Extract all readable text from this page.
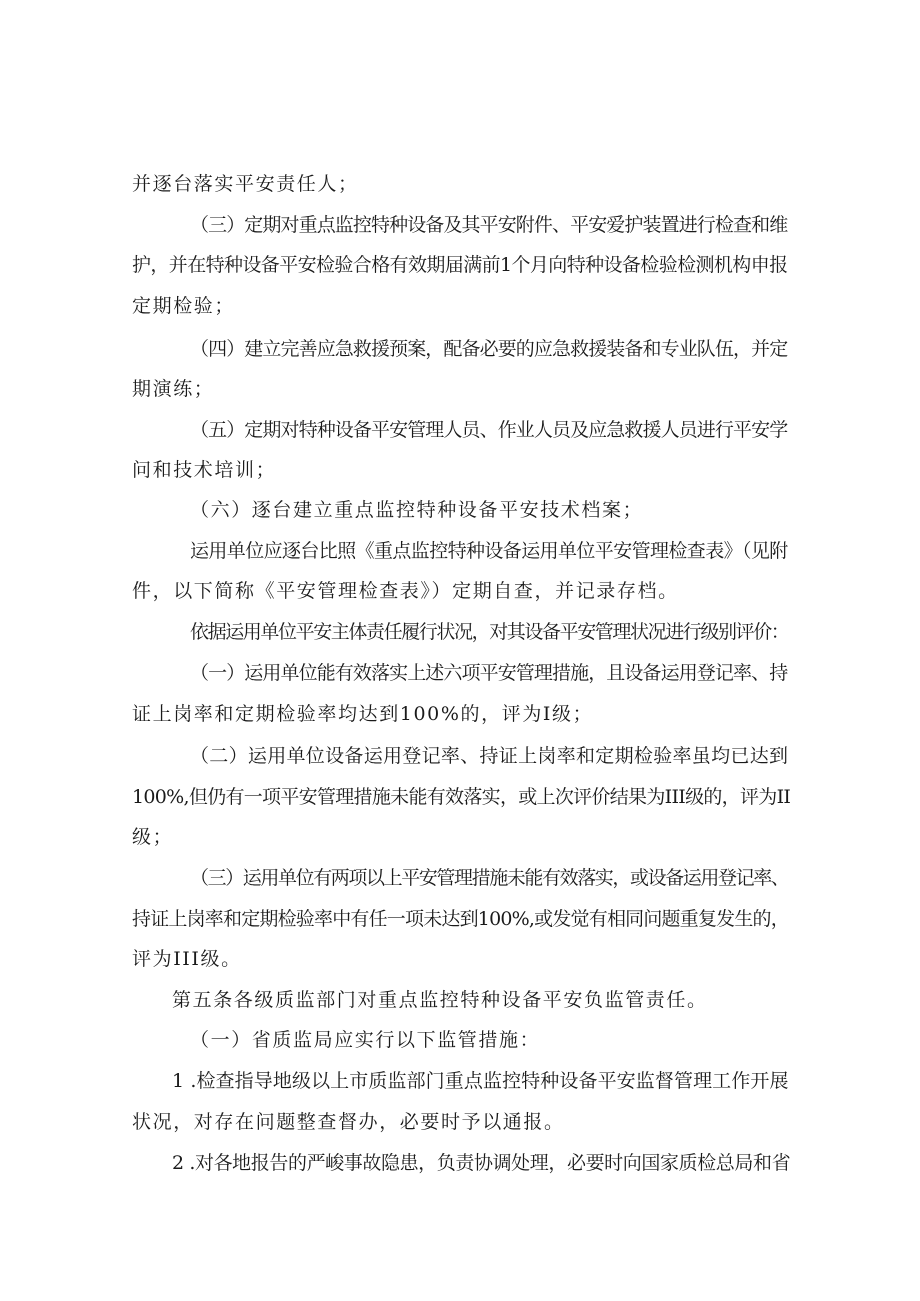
并逐台落实平安责任人；
（三）定期对重点监控特种设备及其平安附件、平安爱护装置进行检查和维
护，并在特种设备平安检验合格有效期届满前1个月向特种设备检验检测机构申报
定期检验；
（四）建立完善应急救援预案，配备必要的应急救援装备和专业队伍，并定
期演练；
（五）定期对特种设备平安管理人员、作业人员及应急救援人员进行平安学
问和技术培训；
（六）逐台建立重点监控特种设备平安技术档案；
运用单位应逐台比照《重点监控特种设备运用单位平安管理检查表》（见附
件，以下简称《平安管理检查表》）定期自查，并记录存档。
依据运用单位平安主体责任履行状况，对其设备平安管理状况进行级别评价：
（一）运用单位能有效落实上述六项平安管理措施，且设备运用登记率、持
证上岗率和定期检验率均达到100%的，评为I级；
（二）运用单位设备运用登记率、持证上岗率和定期检验率虽均已达到
100%,但仍有一项平安管理措施未能有效落实，或上次评价结果为III级的，评为II
级；
（三）运用单位有两项以上平安管理措施未能有效落实，或设备运用登记率、
持证上岗率和定期检验率中有任一项未达到100%,或发觉有相同问题重复发生的，
评为III级。
第五条各级质监部门对重点监控特种设备平安负监管责任。
（一）省质监局应实行以下监管措施：
1 .检查指导地级以上市质监部门重点监控特种设备平安监督管理工作开展
状况，对存在问题整查督办，必要时予以通报。
2 .对各地报告的严峻事故隐患，负责协调处理，必要时向国家质检总局和省
